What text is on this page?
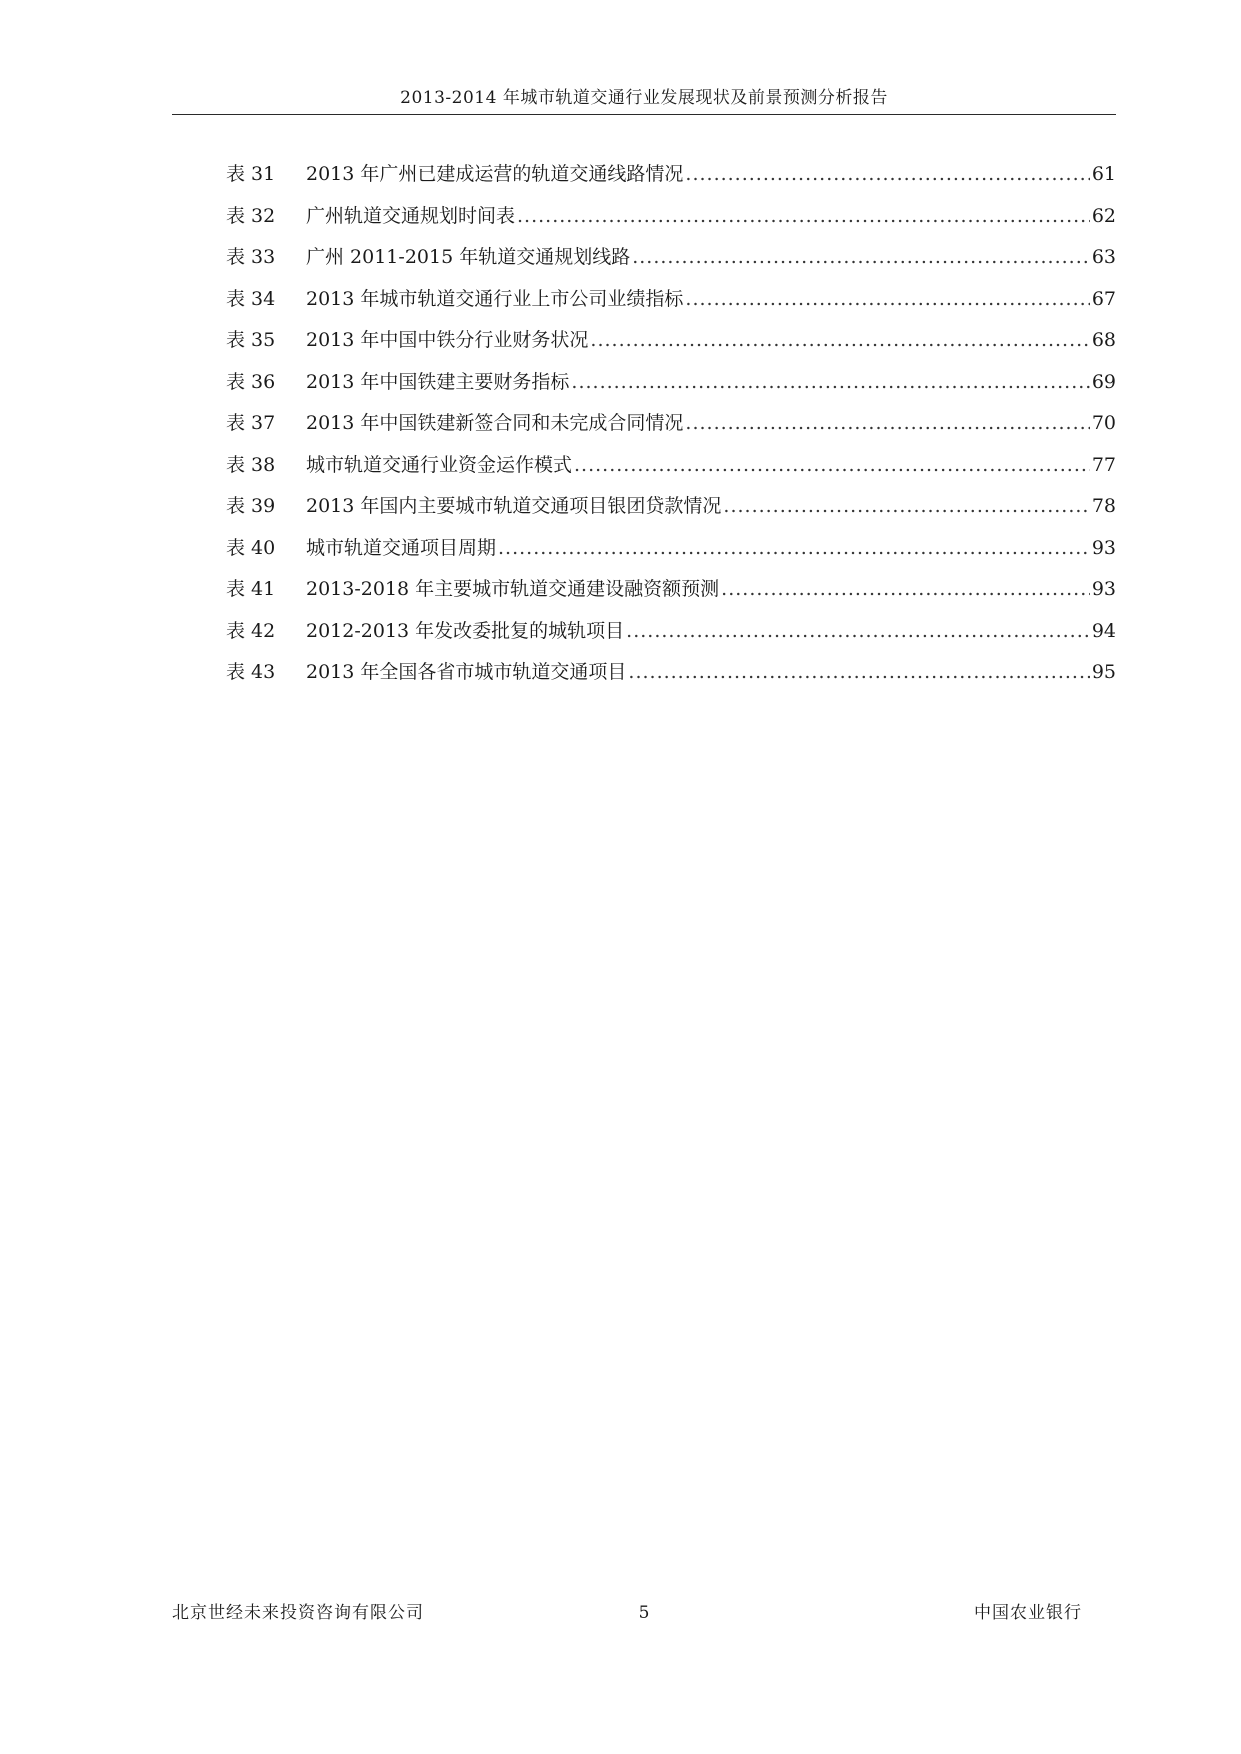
2013-2014 年城市轨道交通行业发展现状及前景预测分析报告
表 31	2013 年广州已建成运营的轨道交通线路情况 .....	61
表 32	广州轨道交通规划时间表 .....	62
表 33	广州 2011-2015 年轨道交通规划线路 .....	63
表 34	2013 年城市轨道交通行业上市公司业绩指标 .....	67
表 35	2013 年中国中铁分行业财务状况 .....	68
表 36	2013 年中国铁建主要财务指标 .....	69
表 37	2013 年中国铁建新签合同和未完成合同情况 .....	70
表 38	城市轨道交通行业资金运作模式 .....	77
表 39	2013 年国内主要城市轨道交通项目银团贷款情况 .....	78
表 40	城市轨道交通项目周期 .....	93
表 41	2013-2018 年主要城市轨道交通建设融资额预测 .....	93
表 42	2012-2013 年发改委批复的城轨项目 .....	94
表 43	2013 年全国各省市城市轨道交通项目 .....	95
北京世经未来投资咨询有限公司	5	中国农业银行
